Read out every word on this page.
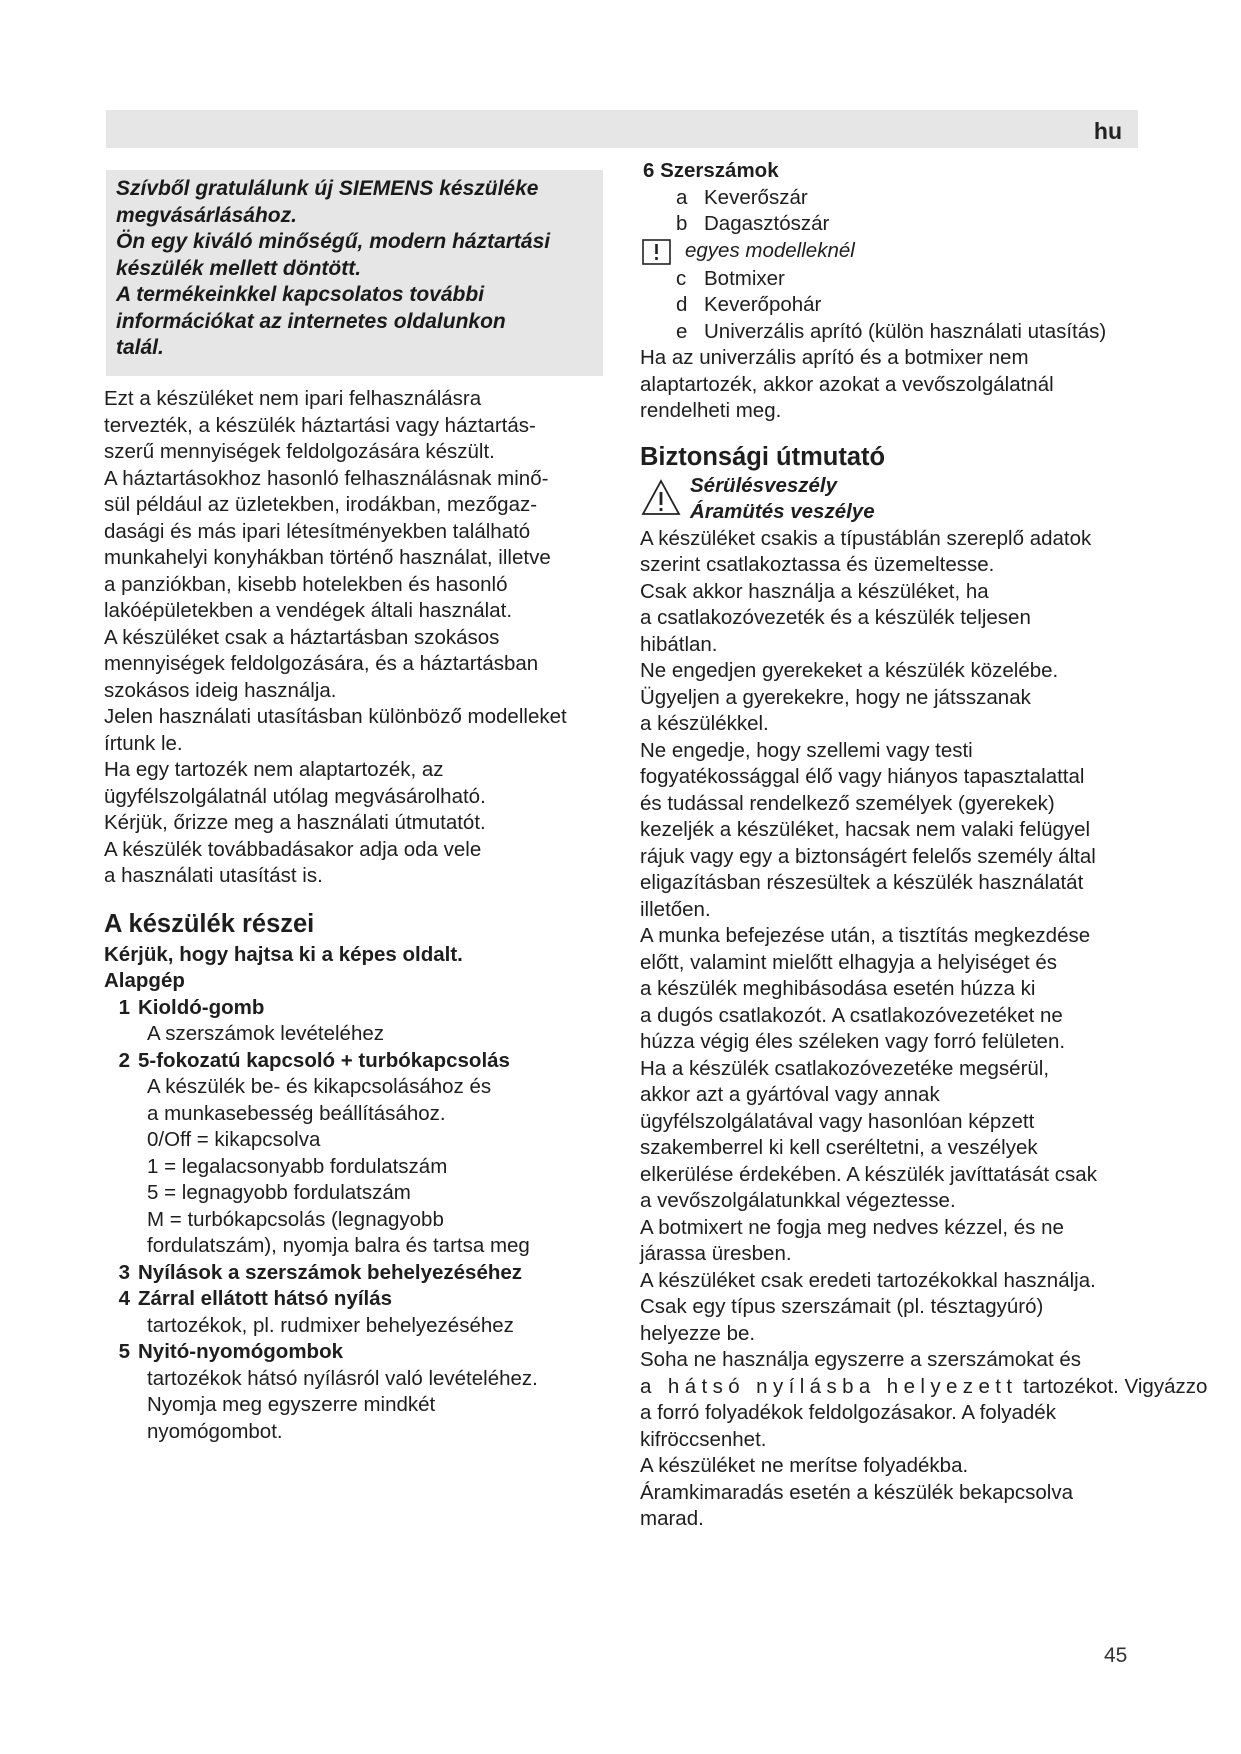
hu

Szívből gratulálunk új SIEMENS készüléke

megvásárlásához.

Ön egy kiváló minőségű, modern háztartási

készülék mellett döntött.

A termékeinkkel kapcsolatos további

információkat az internetes oldalunkon

talál.

Ezt a készüléket nem ipari felhasználásra

tervezték, a készülék háztartási vagy háztartás-

szerű mennyiségek feldolgozására készült.

A háztartásokhoz hasonló felhasználásnak minő-

sül például az üzletekben, irodákban, mezőgaz-

dasági és más ipari létesítményekben található

munkahelyi konyhákban történő használat, illetve

a panziókban, kisebb hotelekben és hasonló

lakóépületekben a vendégek általi használat.

A készüléket csak a háztartásban szokásos

mennyiségek feldolgozására, és a háztartásban

szokásos ideig használja.

Jelen használati utasításban különböző modelleket

írtunk le.

Ha egy tartozék nem alaptartozék, az

ügyfélszolgálatnál utólag megvásárolható.

Kérjük, őrizze meg a használati útmutatót.

A készülék továbbadásakor adja oda vele

a használati utasítást is.

A készülék részei

Kérjük, hogy hajtsa ki a képes oldalt.

Alapgép

1 Kioldó-gomb

A szerszámok levételéhez

2 5-fokozatú kapcsoló + turbókapcsolás

A készülék be- és kikapcsolásához és

a munkasebesség beállításához.

0/Off = kikapcsolva

1 = legalacsonyabb fordulatszám

5 = legnagyobb fordulatszám

M = turbókapcsolás (legnagyobb

fordulatszám), nyomja balra és tartsa meg

3 Nyílások a szerszámok behelyezéséhez
4 Zárral ellátott hátsó nyílás

tartozékok, pl. rudmixer behelyezéséhez

5 Nyitó-nyomógombok

tartozékok hátsó nyílásról való levételéhez.

Nyomja meg egyszerre mindkét

nyomógombot.

6 Szerszámok

a Keverőszár
b Dagasztószár
egyes modelleknél
c Botmixer
d Keverőpohár
e Univerzális aprító (külön használati utasítás)

Ha az univerzális aprító és a botmixer nem

alaptartozék, akkor azokat a vevőszolgálatnál

rendelheti meg.

Biztonsági útmutató

Sérülésveszély

Áramütés veszélye

A készüléket csakis a típustáblán szereplő adatok

szerint csatlakoztassa és üzemeltesse.

Csak akkor használja a készüléket, ha

a csatlakozóvezeték és a készülék teljesen

hibátlan.

Ne engedjen gyerekeket a készülék közelébe.

Ügyeljen a gyerekekre, hogy ne játsszanak

a készülékkel.

Ne engedje, hogy szellemi vagy testi

fogyatékossággal élő vagy hiányos tapasztalattal

és tudással rendelkező személyek (gyerekek)

kezeljék a készüléket, hacsak nem valaki felügyel

rájuk vagy egy a biztonságért felelős személy által

eligazításban részesültek a készülék használatát

illetően.

A munka befejezése után, a tisztítás megkezdése

előtt, valamint mielőtt elhagyja a helyiséget és

a készülék meghibásodása esetén húzza ki

a dugós csatlakozót. A csatlakozóvezetéket ne

húzza végig éles széleken vagy forró felületen.

Ha a készülék csatlakozóvezetéke megsérül,

akkor azt a gyártóval vagy annak

ügyfélszolgálatával vagy hasonlóan képzett

szakemberrel ki kell cseréltetni, a veszélyek

elkerülése érdekében. A készülék javíttatását csak

a vevőszolgálatunkkal végeztesse.

A botmixert ne fogja meg nedves kézzel, és ne

járassa üresben.

A készüléket csak eredeti tartozékokkal használja.

Csak egy típus szerszámait (pl. tésztagyúró)

helyezze be.

Soha ne használja egyszerre a szerszámokat és

a hátsó nyílásba helyezett tartozékot. Vigyázzo

a forró folyadékok feldolgozásakor. A folyadék

kifröccsenhet.

A készüléket ne merítse folyadékba.

Áramkimaradás esetén a készülék bekapcsolva

marad.

45
